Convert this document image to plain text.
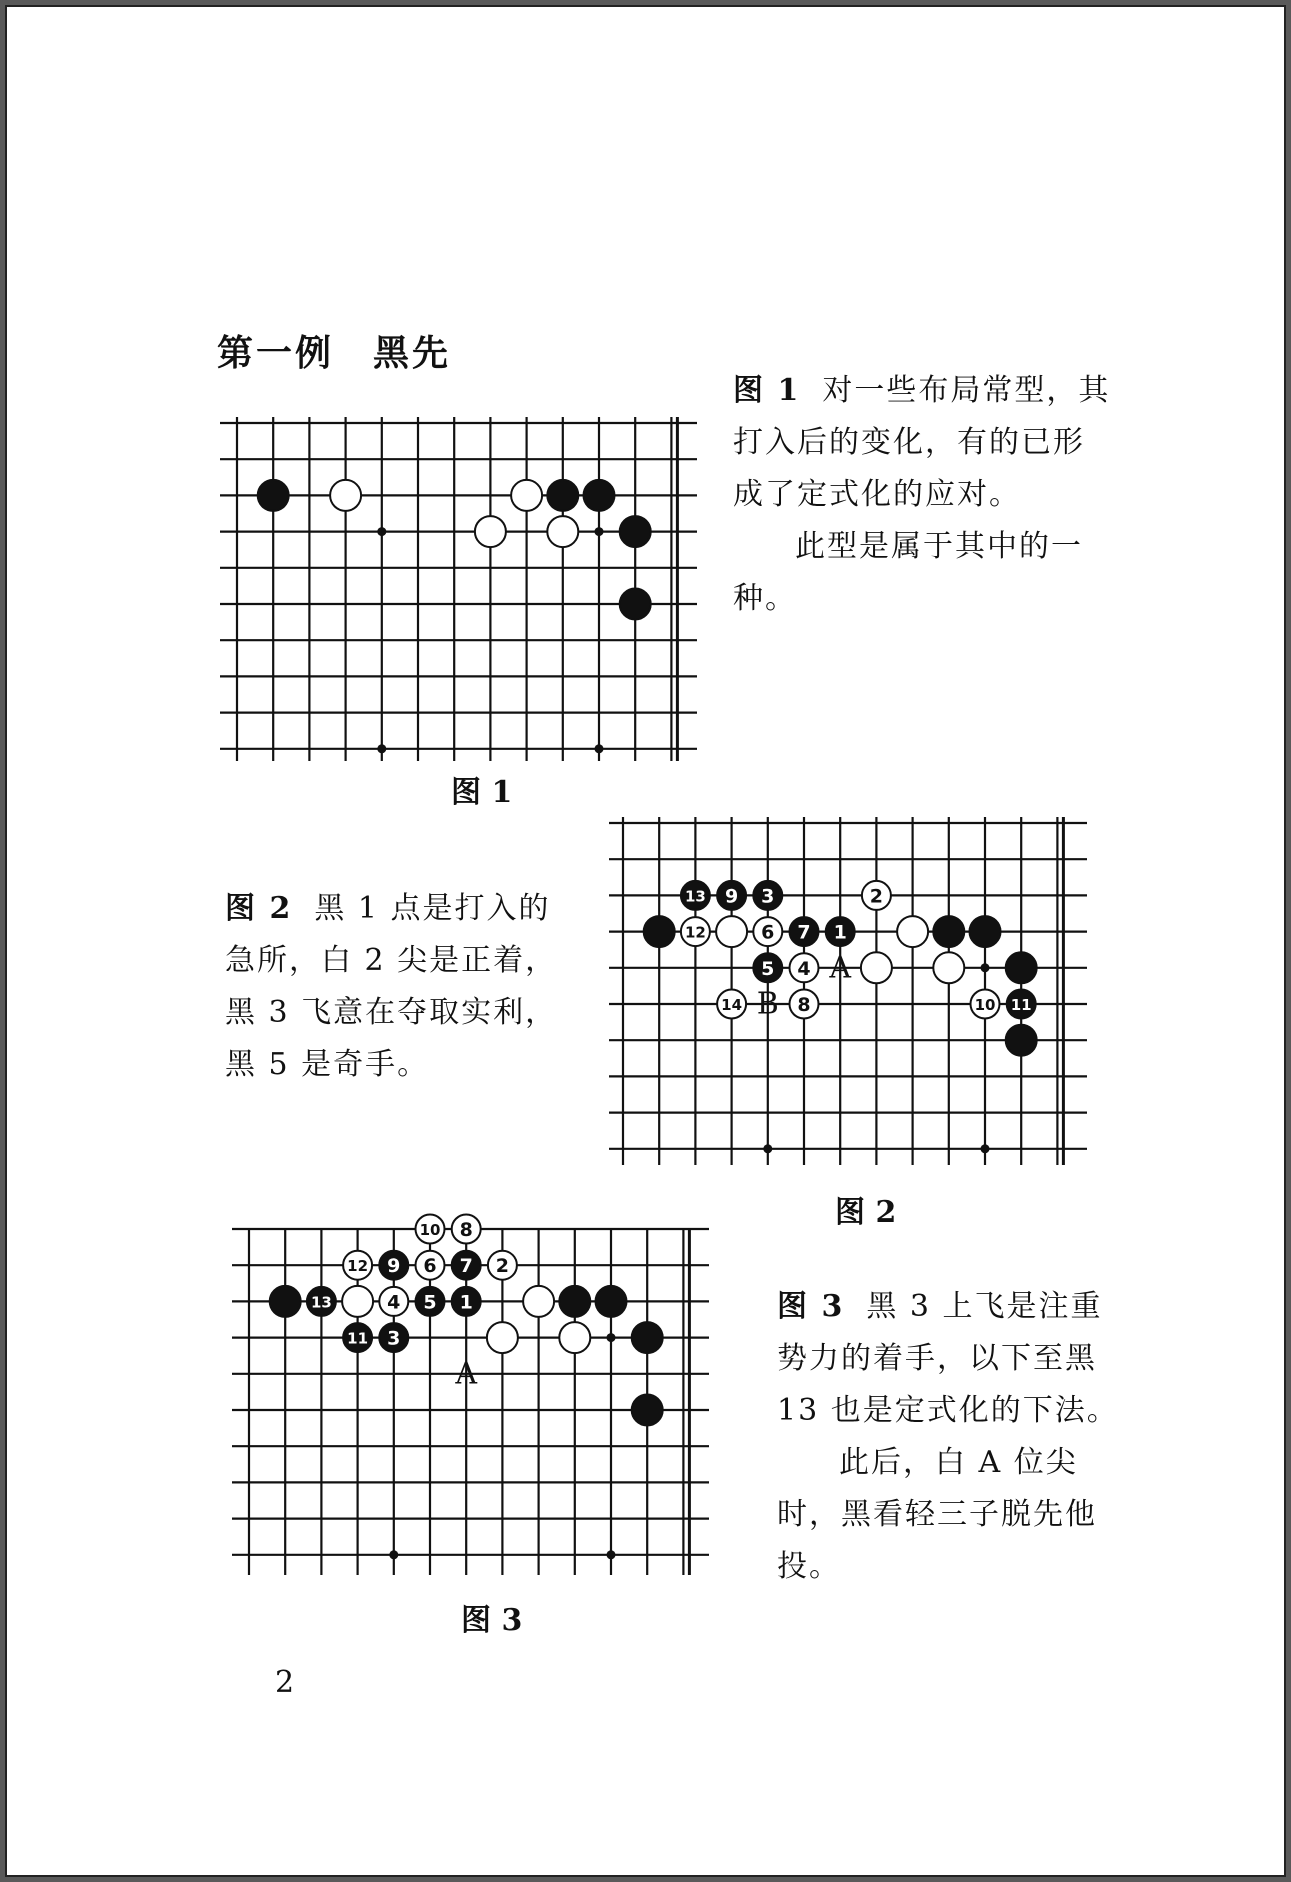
第一例　黑先

图 1 对一些布局常型，其打入后的变化，有的已形成了定式化的应对。

此型是属于其中的一种。

图 1

图 2 黑 1 点是打入的急所，白 2 尖是正着，黑 3 飞意在夺取实利，黑 5 是奇手。

A
B
13 9 3	2
12	6 7 1
5 4
14	8	10 11
图 2
A
10 8
12 9 6 7 2
13	4 5 1
11 3

图 3 黑 3 上飞是注重势力的着手，以下至黑 13 也是定式化的下法。

此后，白 A 位尖时，黑看轻三子脱先他投。

图 3
2
